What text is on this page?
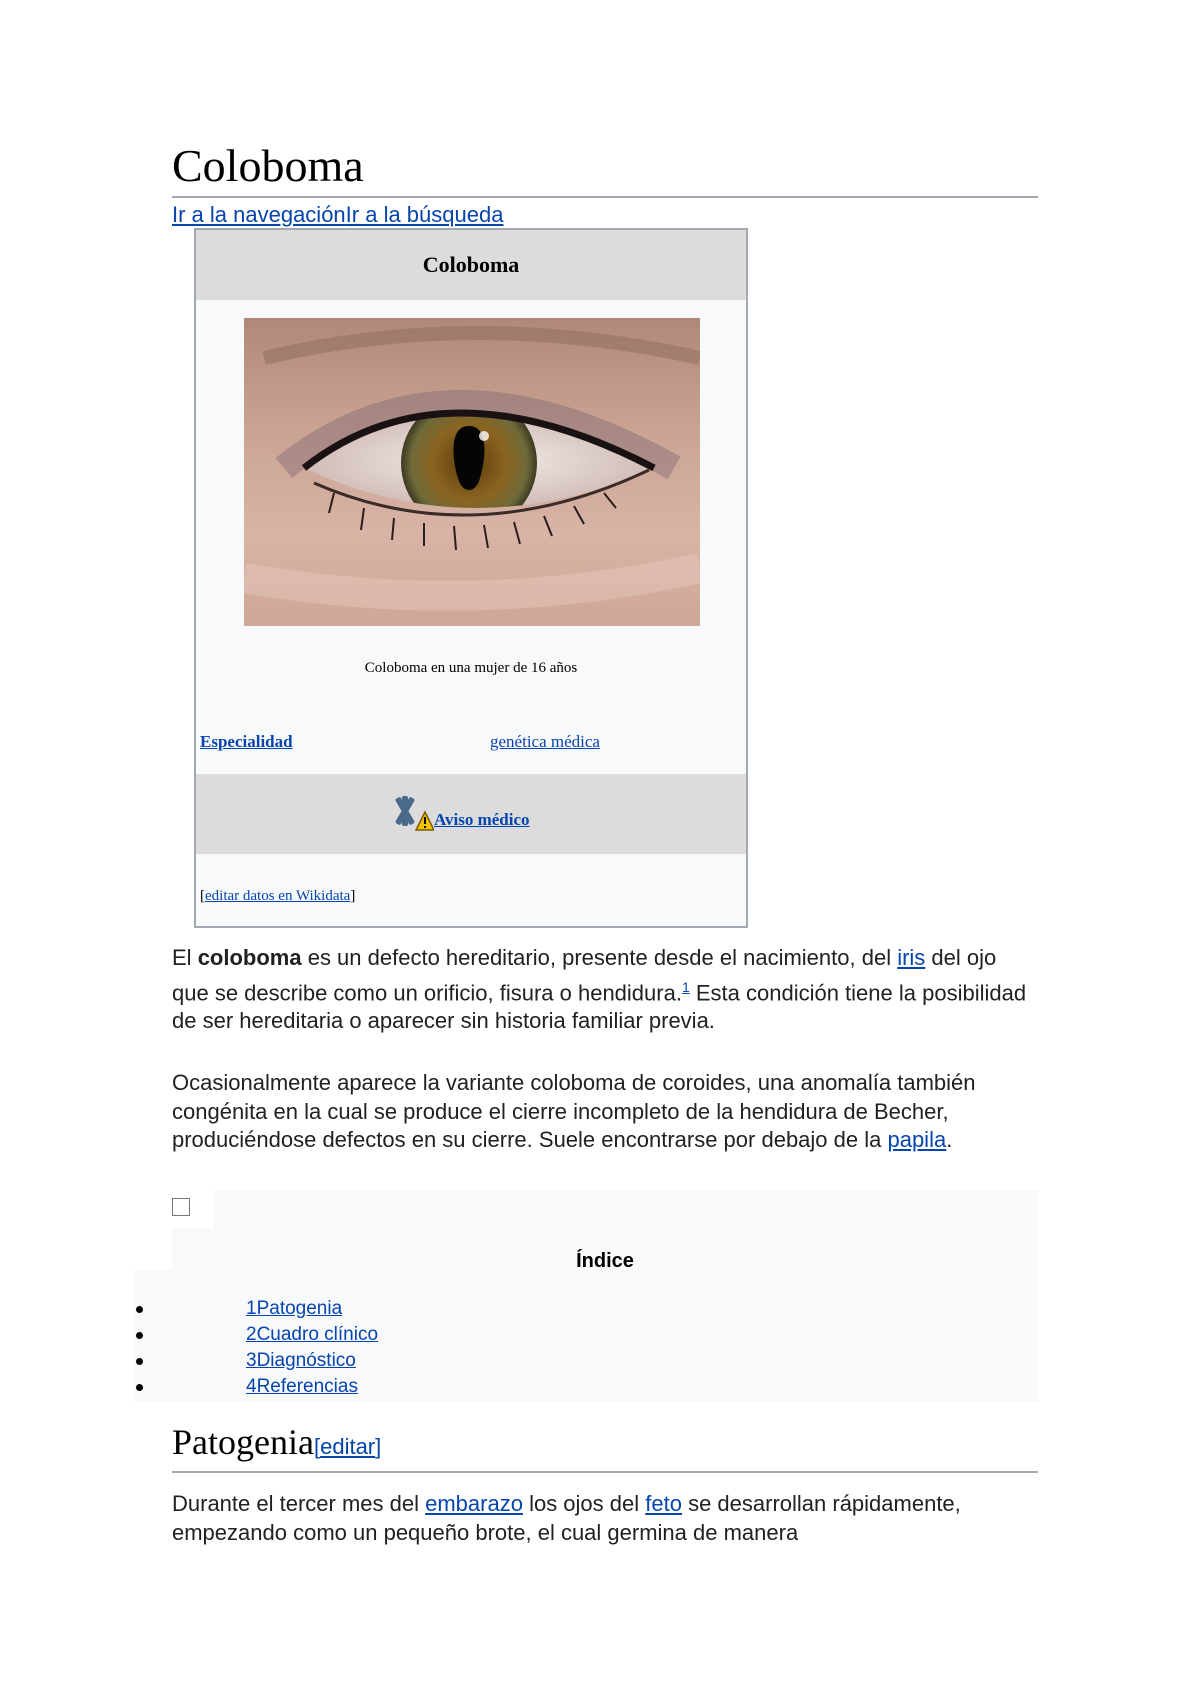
Coloboma
Ir a la navegaciónIr a la búsqueda
Coloboma
Coloboma en una mujer de 16 años
Especialidad	genética médica
Aviso médico
[editar datos en Wikidata]

El coloboma es un defecto hereditario, presente desde el nacimiento, del iris del ojo que se describe como un orificio, fisura o hendidura.$^1$ Esta condición tiene la posibilidad de ser hereditaria o aparecer sin historia familiar previa.

Ocasionalmente aparece la variante coloboma de coroides, una anomalía también congénita en la cual se produce el cierre incompleto de la hendidura de Becher, produciéndose defectos en su cierre. Suele encontrarse por debajo de la papila.

Índice
1Patogenia
2Cuadro clínico
3Diagnóstico
4Referencias
Patogenia[editar]

Durante el tercer mes del embarazo los ojos del feto se desarrollan rápidamente, empezando como un pequeño brote, el cual germina de manera
